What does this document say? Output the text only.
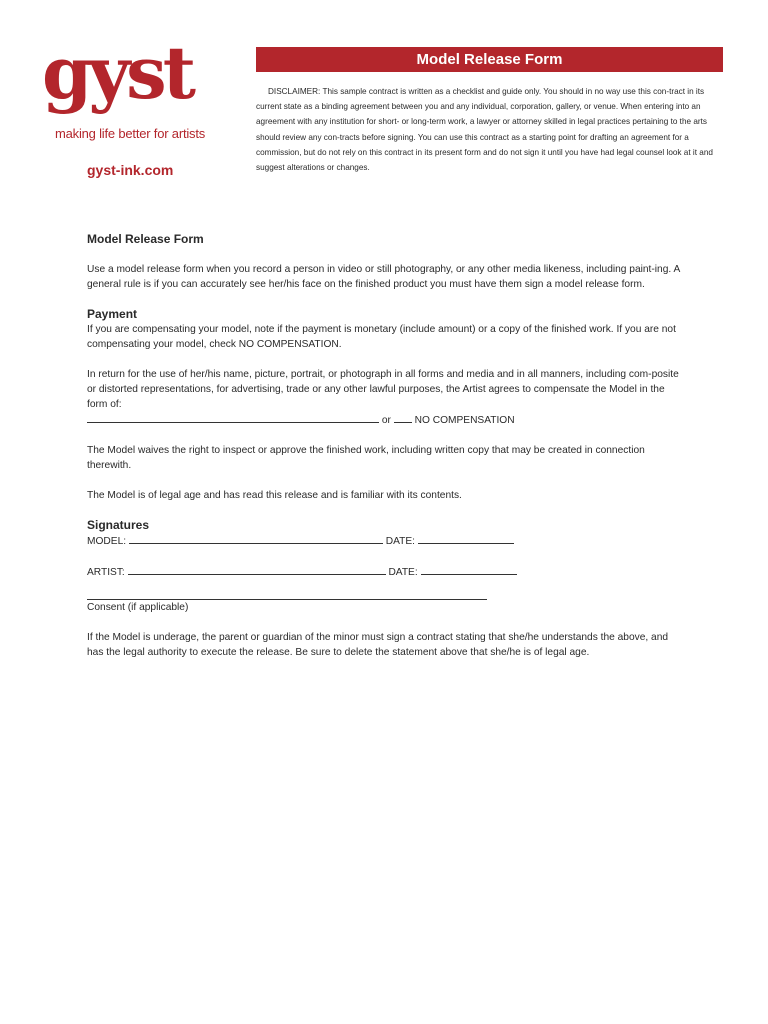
gyst
making life better for artists
gyst-ink.com
Model Release Form
DISCLAIMER: This sample contract is written as a checklist and guide only. You should in no way use this con-tract in its current state as a binding agreement between you and any individual, corporation, gallery, or venue. When entering into an agreement with any institution for short- or long-term work, a lawyer or attorney skilled in legal practices pertaining to the arts should review any con-tracts before signing. You can use this contract as a starting point for drafting an agreement for a commission, but do not rely on this contract in its present form and do not sign it until you have had legal counsel look at it and suggest alterations or changes.

Model Release Form

Use a model release form when you record a person in video or still photography, or any other media likeness, including paint-ing. A general rule is if you can accurately see her/his face on the finished product you must have them sign a model release form.

Payment

If you are compensating your model, note if the payment is monetary (include amount) or a copy of the finished work. If you are not compensating your model, check NO COMPENSATION.

In return for the use of her/his name, picture, portrait, or photograph in all forms and media and in all manners, including com-posite or distorted representations, for advertising, trade or any other lawful purposes, the Artist agrees to compensate the Model in the form of:

or NO COMPENSATION

The Model waives the right to inspect or approve the finished work, including written copy that may be created in connection therewith.

The Model is of legal age and has read this release and is familiar with its contents.

Signatures

MODEL:	DATE:

ARTIST:	DATE:

Consent (if applicable)

If the Model is underage, the parent or guardian of the minor must sign a contract stating that she/he understands the above, and has the legal authority to execute the release. Be sure to delete the statement above that she/he is of legal age.
